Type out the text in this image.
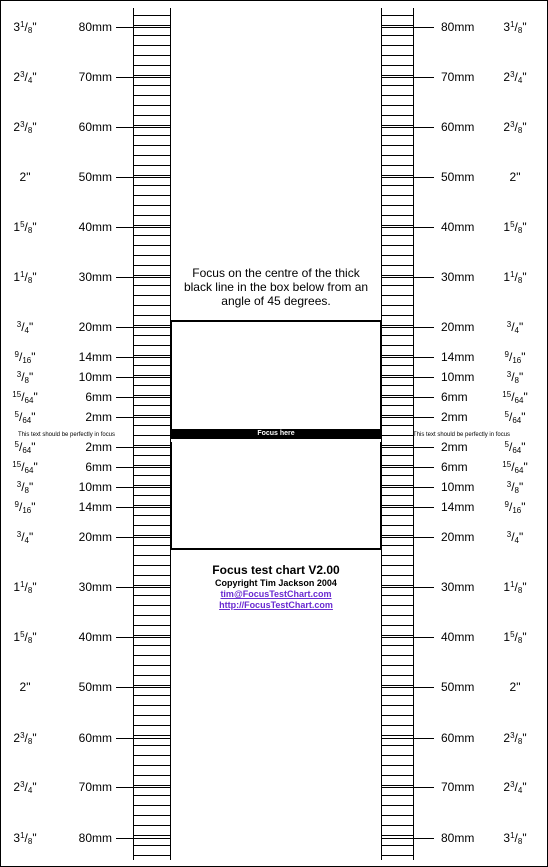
This text should be perfectly in focus	This text should be perfectly in focus
Focus on the centre of the thick black line in the box below from an angle of 45 degrees.
Focus here
Focus test chart V2.00
Copyright Tim Jackson 2004
tim@FocusTestChart.com
http://FocusTestChart.com
80mm	80mm
$3^1/_8$"	$3^1/_8$"
70mm	70mm
$2^3/_4$"	$2^3/_4$"
60mm	60mm
$2^3/_8$"	$2^3/_8$"
50mm	50mm
2"	2"
40mm	40mm
$1^5/_8$"	$1^5/_8$"
30mm	30mm
$1^1/_8$"	$1^1/_8$"
20mm	20mm
$^3/_4$"	$^3/_4$"
14mm	14mm
$^9/_{16}$"	$^9/_{16}$"
10mm	10mm
$^3/_8$"	$^3/_8$"
6mm	6mm
$^{15}/_{64}$"	$^{15}/_{64}$"
2mm	2mm
$^5/_{64}$"	$^5/_{64}$"
2mm	2mm
$^5/_{64}$"	$^5/_{64}$"
6mm	6mm
$^{15}/_{64}$"	$^{15}/_{64}$"
10mm	10mm
$^3/_8$"	$^3/_8$"
14mm	14mm
$^9/_{16}$"	$^9/_{16}$"
20mm	20mm
$^3/_4$"	$^3/_4$"
30mm	30mm
$1^1/_8$"	$1^1/_8$"
40mm	40mm
$1^5/_8$"	$1^5/_8$"
50mm	50mm
2"	2"
60mm	60mm
$2^3/_8$"	$2^3/_8$"
70mm	70mm
$2^3/_4$"	$2^3/_4$"
80mm	80mm
$3^1/_8$"	$3^1/_8$"
